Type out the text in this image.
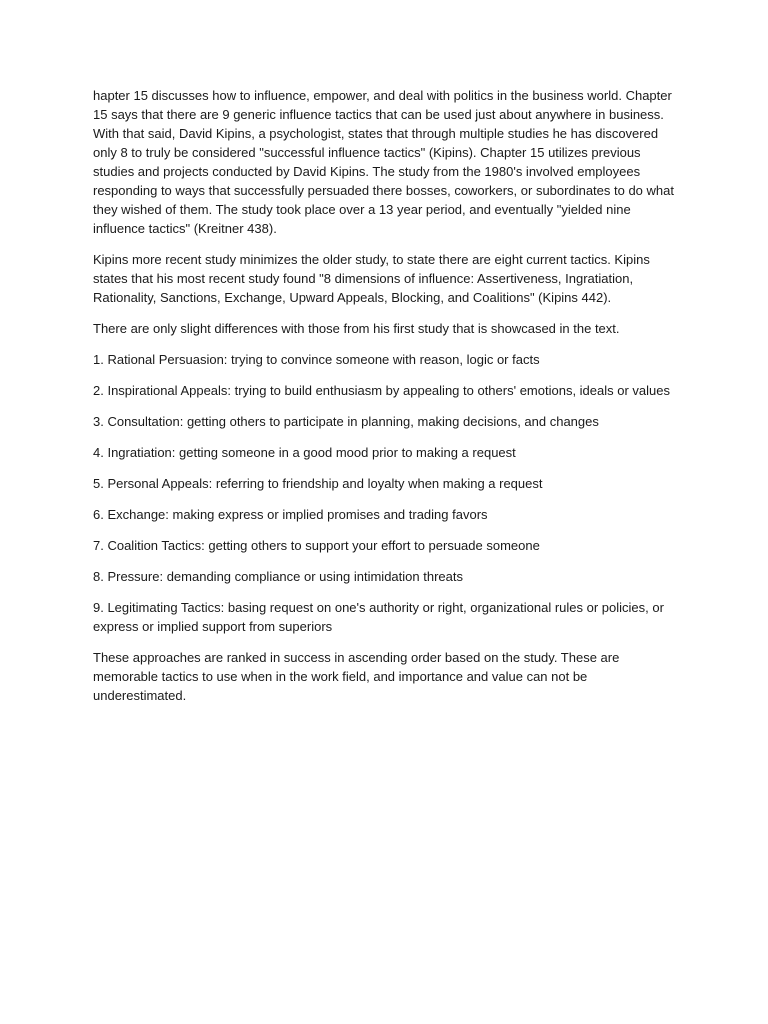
hapter 15 discusses how to influence, empower, and deal with politics in the business world. Chapter 15 says that there are 9 generic influence tactics that can be used just about anywhere in business. With that said, David Kipins, a psychologist, states that through multiple studies he has discovered only 8 to truly be considered "successful influence tactics" (Kipins). Chapter 15 utilizes previous studies and projects conducted by David Kipins. The study from the 1980's involved employees responding to ways that successfully persuaded there bosses, coworkers, or subordinates to do what they wished of them. The study took place over a 13 year period, and eventually "yielded nine influence tactics" (Kreitner 438).

Kipins more recent study minimizes the older study, to state there are eight current tactics. Kipins states that his most recent study found "8 dimensions of influence: Assertiveness, Ingratiation, Rationality, Sanctions, Exchange, Upward Appeals, Blocking, and Coalitions" (Kipins 442).

There are only slight differences with those from his first study that is showcased in the text.

1. Rational Persuasion: trying to convince someone with reason, logic or facts
2. Inspirational Appeals: trying to build enthusiasm by appealing to others' emotions, ideals or values
3. Consultation: getting others to participate in planning, making decisions, and changes
4. Ingratiation: getting someone in a good mood prior to making a request
5. Personal Appeals: referring to friendship and loyalty when making a request
6. Exchange: making express or implied promises and trading favors
7. Coalition Tactics: getting others to support your effort to persuade someone
8. Pressure: demanding compliance or using intimidation threats
9. Legitimating Tactics: basing request on one's authority or right, organizational rules or policies, or express or implied support from superiors

These approaches are ranked in success in ascending order based on the study. These are memorable tactics to use when in the work field, and importance and value can not be underestimated.
